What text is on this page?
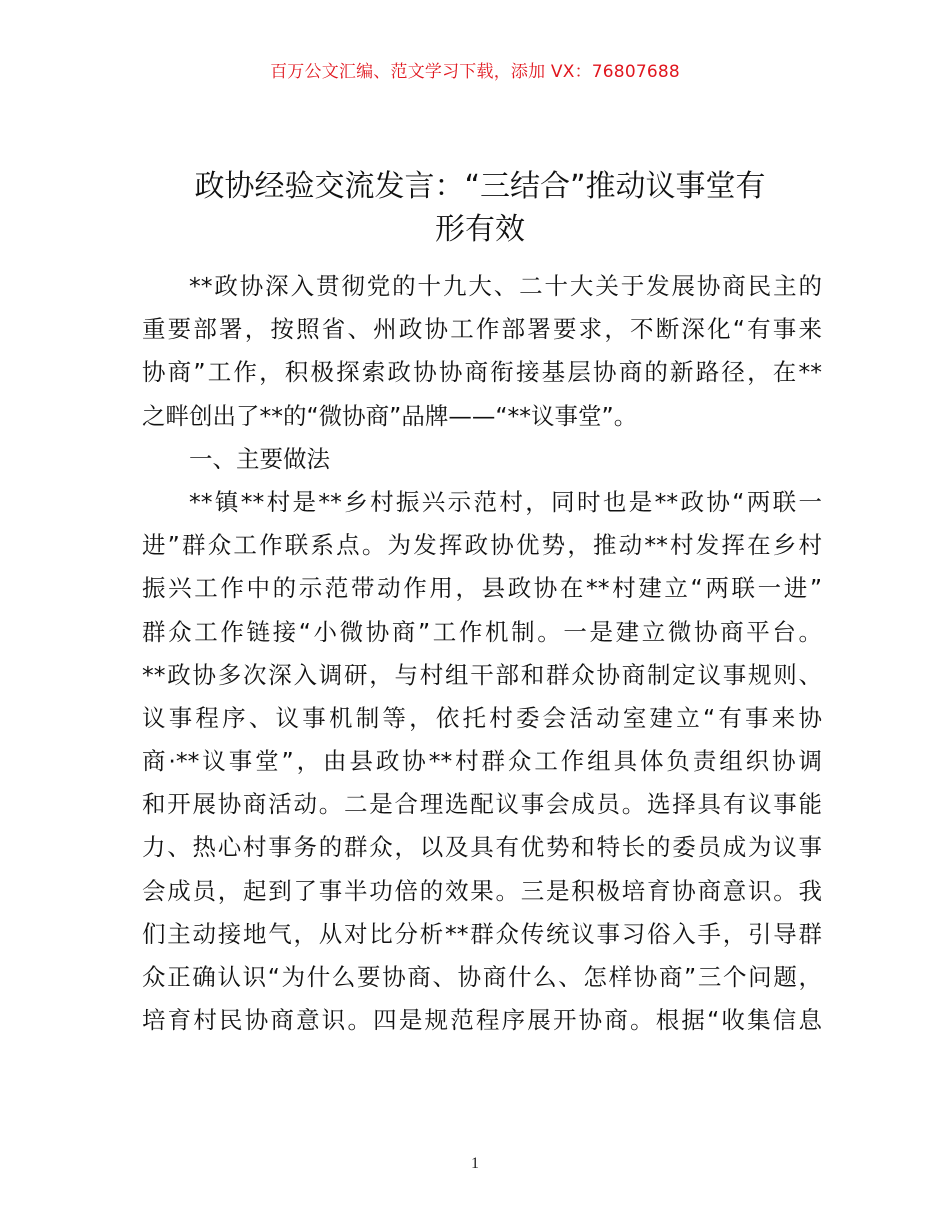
百万公文汇编、范文学习下载，添加 VX：76807688
政协经验交流发言：“三结合”推动议事堂有
形有效
**政协深入贯彻党的十九大、二十大关于发展协商民主的
重要部署，按照省、州政协工作部署要求，不断深化“有事来
协商”工作，积极探索政协协商衔接基层协商的新路径，在**
之畔创出了**的“微协商”品牌——“**议事堂”。
一、主要做法
**镇**村是**乡村振兴示范村，同时也是**政协“两联一
进”群众工作联系点。为发挥政协优势，推动**村发挥在乡村
振兴工作中的示范带动作用，县政协在**村建立“两联一进”
群众工作链接“小微协商”工作机制。一是建立微协商平台。
**政协多次深入调研，与村组干部和群众协商制定议事规则、
议事程序、议事机制等，依托村委会活动室建立“有事来协
商·**议事堂”，由县政协**村群众工作组具体负责组织协调
和开展协商活动。二是合理选配议事会成员。选择具有议事能
力、热心村事务的群众，以及具有优势和特长的委员成为议事
会成员，起到了事半功倍的效果。三是积极培育协商意识。我
们主动接地气，从对比分析**群众传统议事习俗入手，引导群
众正确认识“为什么要协商、协商什么、怎样协商”三个问题，
培育村民协商意识。四是规范程序展开协商。根据“收集信息
1
